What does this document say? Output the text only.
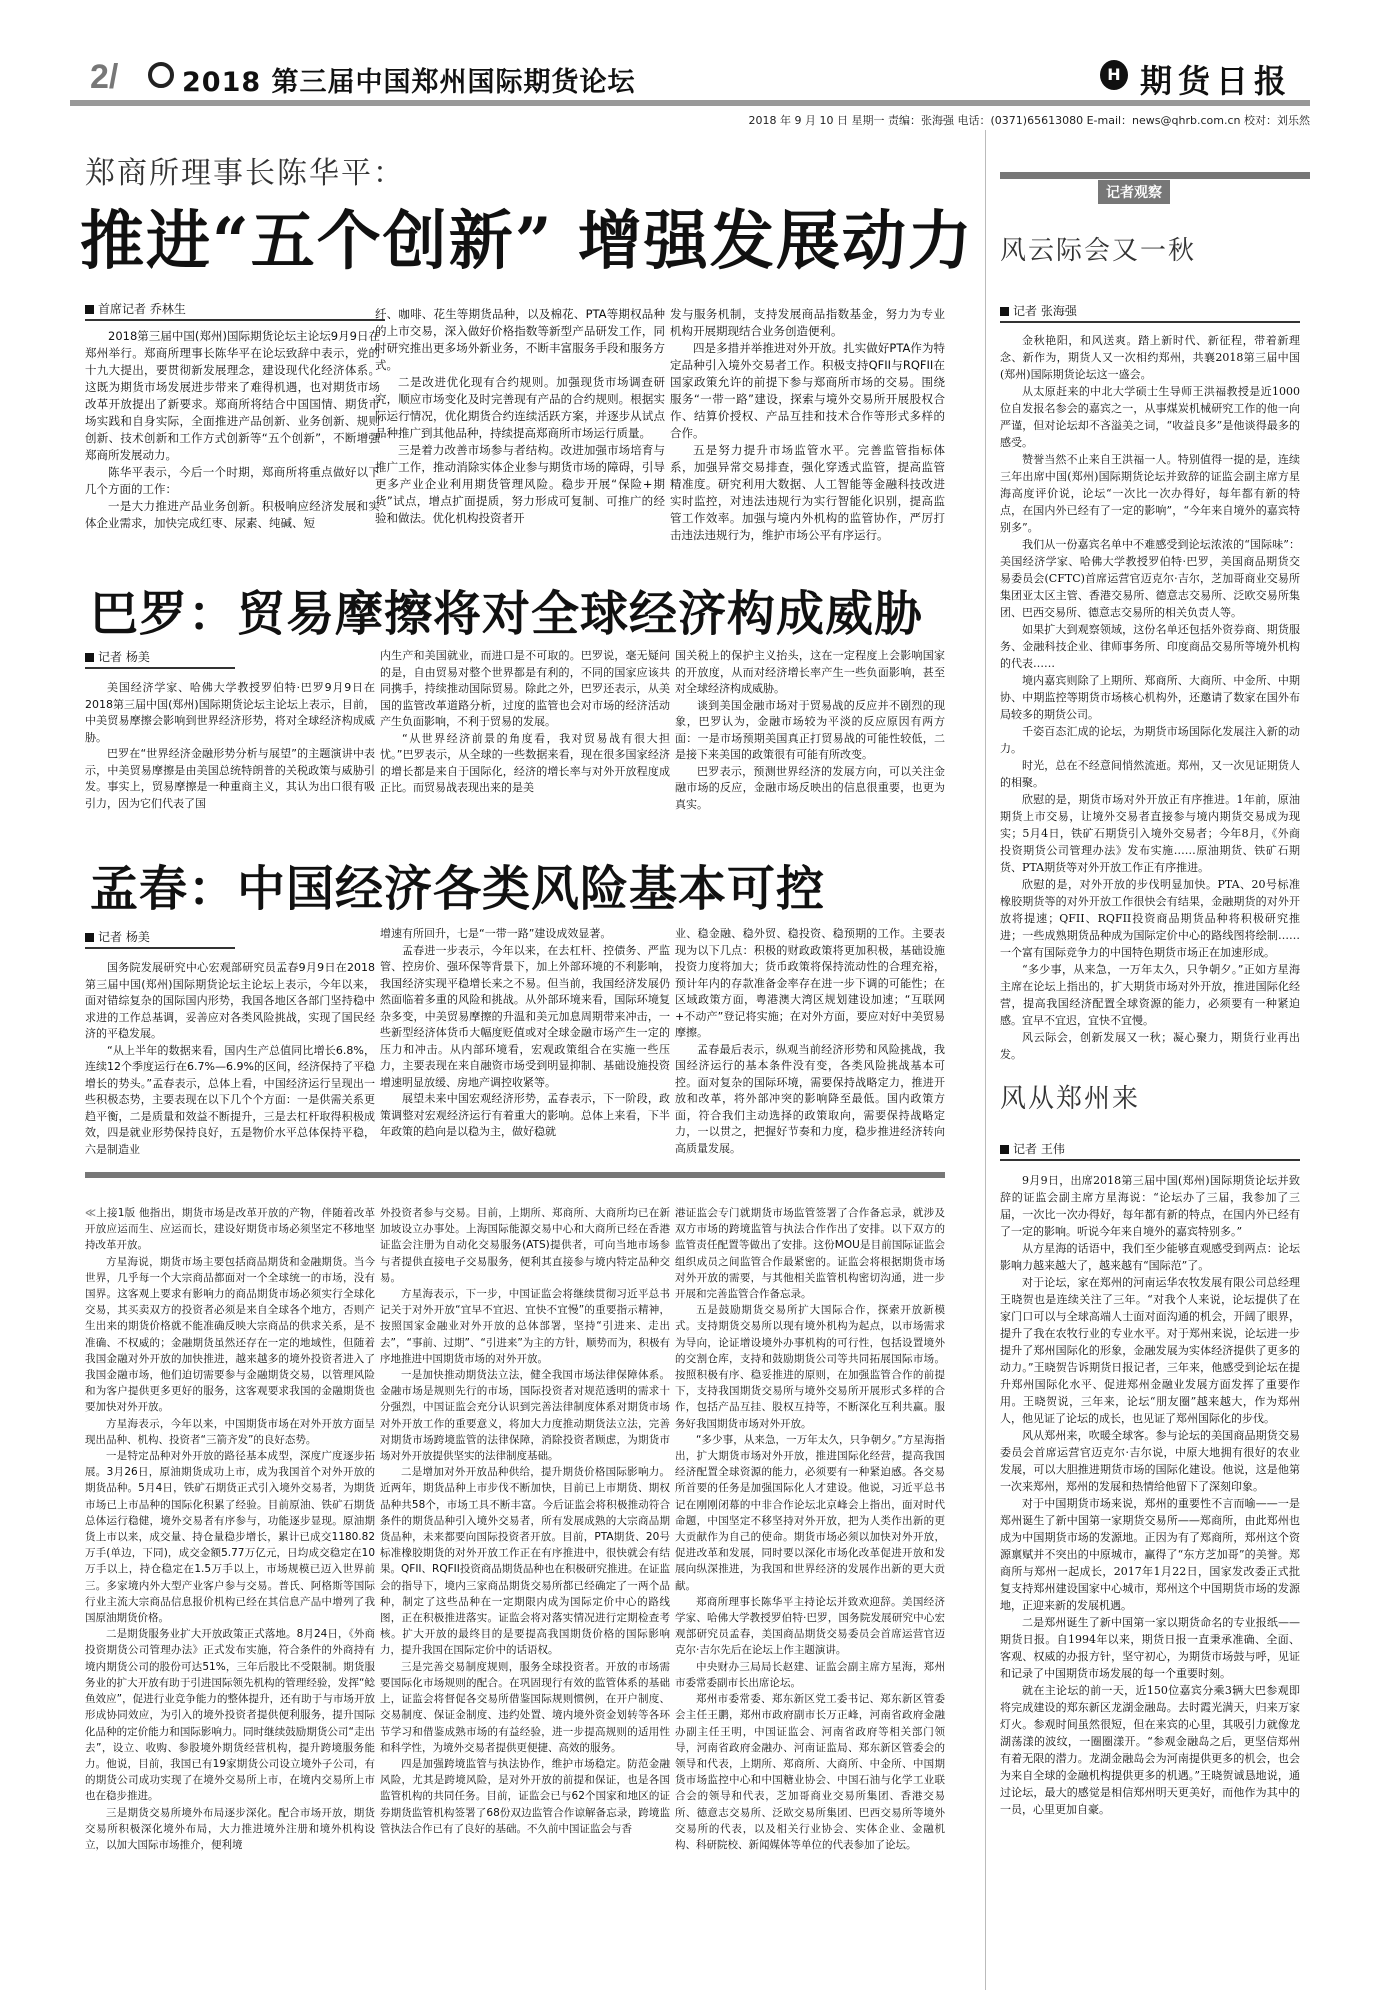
2/ 2018 第三届中国郑州国际期货论坛	H 期货日报
2018 年 9 月 10 日 星期一 责编：张海强 电话：(0371)65613080 E-mail：news@qhrb.com.cn 校对：刘乐然
郑商所理事长陈华平：
推进“五个创新” 增强发展动力
首席记者 乔林生

2018第三届中国(郑州)国际期货论坛主论坛9月9日在郑州举行。郑商所理事长陈华平在论坛致辞中表示，党的十九大提出，要贯彻新发展理念，建设现代化经济体系。这既为期货市场发展进步带来了难得机遇，也对期货市场改革开放提出了新要求。郑商所将结合中国国情、期货市场实践和自身实际，全面推进产品创新、业务创新、规则创新、技术创新和工作方式创新等“五个创新”，不断增强郑商所发展动力。

陈华平表示，今后一个时期，郑商所将重点做好以下几个方面的工作：

一是大力推进产品业务创新。积极响应经济发展和实体企业需求，加快完成红枣、尿素、纯碱、短

纤、咖啡、花生等期货品种，以及棉花、PTA等期权品种的上市交易，深入做好价格指数等新型产品研发工作，同时研究推出更多场外新业务，不断丰富服务手段和服务方式。

二是改进优化现有合约规则。加强现货市场调查研究，顺应市场变化及时完善现有产品的合约规则。根据实际运行情况，优化期货合约连续活跃方案，并逐步从试点品种推广到其他品种，持续提高郑商所市场运行质量。

三是着力改善市场参与者结构。改进加强市场培育与推广工作，推动消除实体企业参与期货市场的障碍，引导更多产业企业利用期货管理风险。稳步开展“保险+期货”试点，增点扩面提质，努力形成可复制、可推广的经验和做法。优化机构投资者开

发与服务机制，支持发展商品指数基金，努力为专业机构开展期现结合业务创造便利。

四是多措并举推进对外开放。扎实做好PTA作为特定品种引入境外交易者工作。积极支持QFII与RQFII在国家政策允许的前提下参与郑商所市场的交易。围绕服务“一带一路”建设，探索与境外交易所开展股权合作、结算价授权、产品互挂和技术合作等形式多样的合作。

五是努力提升市场监管水平。完善监管指标体系，加强异常交易排查，强化穿透式监管，提高监管精准度。研究利用大数据、人工智能等金融科技改进实时监控，对违法违规行为实行智能化识别，提高监管工作效率。加强与境内外机构的监管协作，严厉打击违法违规行为，维护市场公平有序运行。

巴罗：贸易摩擦将对全球经济构成威胁
记者 杨美

美国经济学家、哈佛大学教授罗伯特·巴罗9月9日在2018第三届中国(郑州)国际期货论坛主论坛上表示，目前，中美贸易摩擦会影响到世界经济形势，将对全球经济构成威胁。

巴罗在“世界经济金融形势分析与展望”的主题演讲中表示，中美贸易摩擦是由美国总统特朗普的关税政策与威胁引发。事实上，贸易摩擦是一种重商主义，其认为出口很有吸引力，因为它们代表了国

内生产和美国就业，而进口是不可取的。巴罗说，毫无疑问的是，自由贸易对整个世界都是有利的，不同的国家应该共同携手，持续推动国际贸易。除此之外，巴罗还表示，从美国的监管改革道路分析，过度的监管也会对市场的经济活动产生负面影响，不利于贸易的发展。

“从世界经济前景的角度看，我对贸易战有很大担忧。”巴罗表示，从全球的一些数据来看，现在很多国家经济的增长都是来自于国际化，经济的增长率与对外开放程度成正比。而贸易战表现出来的是美

国关税上的保护主义抬头，这在一定程度上会影响国家的开放度，从而对经济增长率产生一些负面影响，甚至对全球经济构成威胁。

谈到美国金融市场对于贸易战的反应并不剧烈的现象，巴罗认为，金融市场较为平淡的反应原因有两方面：一是市场预期美国真正打贸易战的可能性较低，二是接下来美国的政策很有可能有所改变。

巴罗表示，预测世界经济的发展方向，可以关注金融市场的反应，金融市场反映出的信息很重要，也更为真实。

孟春：中国经济各类风险基本可控
记者 杨美

国务院发展研究中心宏观部研究员孟春9月9日在2018第三届中国(郑州)国际期货论坛主论坛上表示，今年以来，面对错综复杂的国际国内形势，我国各地区各部门坚持稳中求进的工作总基调，妥善应对各类风险挑战，实现了国民经济的平稳发展。

“从上半年的数据来看，国内生产总值同比增长6.8%，连续12个季度运行在6.7%—6.9%的区间，经济保持了平稳增长的势头。”孟春表示，总体上看，中国经济运行呈现出一些积极态势，主要表现在以下几个个方面：一是供需关系更趋平衡，二是质量和效益不断提升，三是去杠杆取得积极成效，四是就业形势保持良好，五是物价水平总体保持平稳，六是制造业

增速有所回升，七是“一带一路”建设成效显著。

孟春进一步表示，今年以来，在去杠杆、控债务、严监管、控房价、强环保等背景下，加上外部环境的不利影响，我国经济实现平稳增长来之不易。但当前，我国经济发展仍然面临着多重的风险和挑战。从外部环境来看，国际环境复杂多变，中美贸易摩擦的升温和美元加息周期带来冲击，一些新型经济体货币大幅度贬值或对全球金融市场产生一定的压力和冲击。从内部环境看，宏观政策组合在实施一些压力，主要表现在来自融资市场受到明显抑制、基础设施投资增速明显放缓、房地产调控收紧等。

展望未来中国宏观经济形势，孟春表示，下一阶段，政策调整对宏观经济运行有着重大的影响。总体上来看，下半年政策的趋向是以稳为主，做好稳就

业、稳金融、稳外贸、稳投资、稳预期的工作。主要表现为以下几点：积极的财政政策将更加积极，基础设施投资力度将加大；货币政策将保持流动性的合理充裕，预计年内的存款准备金率存在进一步下调的可能性；在区域政策方面，粤港澳大湾区规划建设加速；“互联网+不动产”登记将实施；在对外方面，要应对好中美贸易摩擦。

孟春最后表示，纵观当前经济形势和风险挑战，我国经济运行的基本条件没有变，各类风险挑战基本可控。面对复杂的国际环境，需要保持战略定力，推进开放和改革，将外部冲突的影响降至最低。国内政策方面，符合我们主动选择的政策取向，需要保持战略定力，一以贯之，把握好节奏和力度，稳步推进经济转向高质量发展。

≪上接1版 他指出，期货市场是改革开放的产物，伴随着改革开放应运而生、应运而长，建设好期货市场必须坚定不移地坚持改革开放。

方星海说，期货市场主要包括商品期货和金融期货。当今世界，几乎每一个大宗商品都面对一个全球统一的市场，没有国界。这客观上要求有影响力的商品期货市场必须实行全球化交易，其买卖双方的投资者必须是来自全球各个地方，否则产生出来的期货价格就不能准确反映大宗商品的供求关系，是不准确、不权威的；金融期货虽然还存在一定的地域性，但随着我国金融对外开放的加快推进，越来越多的境外投资者进入了我国金融市场，他们迫切需要参与金融期货交易，以管理风险和为客户提供更多更好的服务，这客观要求我国的金融期货也要加快对外开放。

方星海表示，今年以来，中国期货市场在对外开放方面呈现出品种、机构、投资者“三箭齐发”的良好态势。

一是特定品种对外开放的路径基本成型，深度广度逐步拓展。3月26日，原油期货成功上市，成为我国首个对外开放的期货品种。5月4日，铁矿石期货正式引入境外交易者，为期货市场已上市品种的国际化积累了经验。目前原油、铁矿石期货总体运行稳健，境外交易者有序参与，功能逐步显现。原油期货上市以来，成交量、持仓量稳步增长，累计已成交1180.82万手(单边，下同)，成交金额5.77万亿元，日均成交稳定在10万手以上，持仓稳定在1.5万手以上，市场规模已迈入世界前三。多家境内外大型产业客户参与交易。普氏、阿格斯等国际行业主流大宗商品信息报价机构已经在其信息产品中增列了我国原油期货价格。

二是期货服务业扩大开放政策正式落地。8月24日，《外商投资期货公司管理办法》正式发布实施，符合条件的外商持有境内期货公司的股份可达51%，三年后股比不受限制。期货服务业的扩大开放有助于引进国际领先机构的管理经验，发挥“鲶鱼效应”，促进行业竞争能力的整体提升，还有助于与市场开放形成协同效应，为引入的境外投资者提供便利服务，提升国际化品种的定价能力和国际影响力。同时继续鼓励期货公司“走出去”，设立、收购、参股境外期货经营机构，提升跨境服务能力。他说，目前，我国已有19家期货公司设立境外子公司，有的期货公司成功实现了在境外交易所上市，在境内交易所上市也在稳步推进。

三是期货交易所境外布局逐步深化。配合市场开放，期货交易所积极深化境外布局，大力推进境外注册和境外机构设立，以加大国际市场推介，便利境

外投资者参与交易。目前，上期所、郑商所、大商所均已在新加坡设立办事处。上海国际能源交易中心和大商所已经在香港证监会注册为自动化交易服务(ATS)提供者，可向当地市场参与者提供直接电子交易服务，便利其直接参与境内特定品种交易。

方星海表示，下一步，中国证监会将继续贯彻习近平总书记关于对外开放“宜早不宜迟、宜快不宜慢”的重要指示精神，按照国家金融业对外开放的总体部署，坚持“引进来、走出去”，“事前、过期”、“引进来”为主的方针，顺势而为，积极有序地推进中国期货市场的对外开放。

一是加快推动期货法立法，健全我国市场法律保障体系。金融市场是规则先行的市场，国际投资者对规范透明的需求十分强烈，中国证监会充分认识到完善法律制度体系对期货市场对外开放工作的重要意义，将加大力度推动期货法立法，完善对期货市场跨境监管的法律保障，消除投资者顾虑，为期货市场对外开放提供坚实的法律制度基础。

二是增加对外开放品种供给，提升期货价格国际影响力。近两年，期货品种上市步伐不断加快，目前已上市期货、期权品种共58个，市场工具不断丰富。今后证监会将积极推动符合条件的期货品种引入境外交易者，所有发展成熟的大宗商品期货品种，未来都要向国际投资者开放。目前，PTA期货、20号标准橡胶期货的对外开放工作正在有序推进中，很快就会有结果。QFII、RQFII投资商品期货品种也在积极研究推进。在证监会的指导下，境内三家商品期货交易所都已经确定了一两个品种，制定了这些品种在一定期限内成为国际定价中心的路线图，正在积极推进落实。证监会将对落实情况进行定期检查考核。扩大开放的最终目的是要提高我国期货价格的国际影响力，提升我国在国际定价中的话语权。

三是完善交易制度规则，服务全球投资者。开放的市场需要国际化市场规则的配合。在巩固现行有效的监管体系的基础上，证监会将督促各交易所借鉴国际规则惯例，在开户制度、交易制度、保证金制度、违约处置、境内境外资金划转等各环节学习和借鉴成熟市场的有益经验，进一步提高规则的适用性和科学性，为境外交易者提供更便捷、高效的服务。

四是加强跨境监管与执法协作，维护市场稳定。防范金融风险，尤其是跨境风险，是对外开放的前提和保证，也是各国监管机构的共同任务。目前，证监会已与62个国家和地区的证券期货监管机构签署了68份双边监管合作谅解备忘录，跨境监管执法合作已有了良好的基础。不久前中国证监会与香

港证监会专门就期货市场监管签署了合作备忘录，就涉及双方市场的跨境监管与执法合作作出了安排。以下双方的监管责任配置等做出了安排。这份MOU是目前国际证监会组织成员之间监管合作最紧密的。证监会将根据期货市场对外开放的需要，与其他相关监管机构密切沟通，进一步开展和完善监管合作备忘录。

五是鼓励期货交易所扩大国际合作，探索开放新模式。支持期货交易所以现有境外机构为起点，以市场需求为导向，论证增设境外办事机构的可行性，包括设置境外的交割仓库，支持和鼓励期货公司等共同拓展国际市场。按照积极有序、稳妥推进的原则，在加强监管合作的前提下，支持我国期货交易所与境外交易所开展形式多样的合作，包括产品互挂、股权互持等，不断深化互利共赢。服务好我国期货市场对外开放。

“多少事，从来急，一万年太久，只争朝夕。”方星海指出，扩大期货市场对外开放，推进国际化经营，提高我国经济配置全球资源的能力，必须要有一种紧迫感。各交易所首要的任务是加强国际化人才建设。他说，习近平总书记在刚刚闭幕的中非合作论坛北京峰会上指出，面对时代命题，中国坚定不移坚持对外开放，把为人类作出新的更大贡献作为自己的使命。期货市场必须以加快对外开放，促进改革和发展，同时要以深化市场化改革促进开放和发展向纵深推进，为我国和世界经济的发展作出新的更大贡献。

郑商所理事长陈华平主持论坛并致欢迎辞。美国经济学家、哈佛大学教授罗伯特·巴罗，国务院发展研究中心宏观部研究员孟春，美国商品期货交易委员会首席运营官迈克尔·吉尔先后在论坛上作主题演讲。

中央财办三局局长赵建、证监会副主席方星海，郑州市委常委副市长出席论坛。

郑州市委常委、郑东新区党工委书记、郑东新区管委会主任王鹏，郑州市政府副市长万正峰，河南省政府金融办副主任王明，中国证监会、河南省政府等相关部门领导，河南省政府金融办、河南证监局、郑东新区管委会的领导和代表，上期所、郑商所、大商所、中金所、中国期货市场监控中心和中国糖业协会、中国石油与化学工业联合会的领导和代表，芝加哥商业交易所集团、香港交易所、德意志交易所、泛欧交易所集团、巴西交易所等境外交易所的代表，以及相关行业协会、实体企业、金融机构、科研院校、新闻媒体等单位的代表参加了论坛。

记者观察
风云际会又一秋
记者 张海强

金秋艳阳，和风送爽。踏上新时代、新征程，带着新理念、新作为，期货人又一次相约郑州，共襄2018第三届中国(郑州)国际期货论坛这一盛会。

从太原赶来的中北大学硕士生导师王洪福教授是近1000位自发报名参会的嘉宾之一，从事煤炭机械研究工作的他一向严谨，但对论坛却不吝溢美之词，“收益良多”是他谈得最多的感受。

赞誉当然不止来自王洪福一人。特别值得一提的是，连续三年出席中国(郑州)国际期货论坛并致辞的证监会副主席方星海高度评价说，论坛“一次比一次办得好，每年都有新的特点，在国内外已经有了一定的影响”，“今年来自境外的嘉宾特别多”。

我们从一份嘉宾名单中不难感受到论坛浓浓的“国际味”：美国经济学家、哈佛大学教授罗伯特·巴罗，美国商品期货交易委员会(CFTC)首席运营官迈克尔·吉尔，芝加哥商业交易所集团亚太区主管、香港交易所、德意志交易所、泛欧交易所集团、巴西交易所、德意志交易所的相关负责人等。

如果扩大到观察领域，这份名单还包括外资券商、期货服务、金融科技企业、律师事务所、印度商品交易所等境外机构的代表……

境内嘉宾则除了上期所、郑商所、大商所、中金所、中期协、中期监控等期货市场核心机构外，还邀请了数家在国外布局较多的期货公司。

千姿百态汇成的论坛，为期货市场国际化发展注入新的动力。

时光，总在不经意间悄然流逝。郑州，又一次见证期货人的相聚。

欣慰的是，期货市场对外开放正有序推进。1年前，原油期货上市交易，让境外交易者直接参与境内期货交易成为现实；5月4日，铁矿石期货引入境外交易者；今年8月，《外商投资期货公司管理办法》发布实施……原油期货、铁矿石期货、PTA期货等对外开放工作正有序推进。

欣慰的是，对外开放的步伐明显加快。PTA、20号标准橡胶期货等的对外开放工作很快会有结果，金融期货的对外开放将提速；QFII、RQFII投资商品期货品种将积极研究推进；一些成熟期货品种成为国际定价中心的路线图将绘制……一个富有国际竞争力的中国特色期货市场正在加速形成。

“多少事，从来急，一万年太久，只争朝夕。”正如方星海主席在论坛上指出的，扩大期货市场对外开放，推进国际化经营，提高我国经济配置全球资源的能力，必须要有一种紧迫感。宜早不宜迟，宜快不宜慢。

风云际会，创新发展又一秋；凝心聚力，期货行业再出发。

风从郑州来
记者 王伟

9月9日，出席2018第三届中国(郑州)国际期货论坛并致辞的证监会副主席方星海说：“论坛办了三届，我参加了三届，一次比一次办得好，每年都有新的特点，在国内外已经有了一定的影响。听说今年来自境外的嘉宾特别多。”

从方星海的话语中，我们至少能够直观感受到两点：论坛影响力越来越大了，越来越有“国际范”了。

对于论坛，家在郑州的河南运华农牧发展有限公司总经理王晓贺也是连续关注了三年。“对我个人来说，论坛提供了在家门口可以与全球高端人士面对面沟通的机会，开阔了眼界，提升了我在农牧行业的专业水平。对于郑州来说，论坛进一步提升了郑州国际化的形象，金融发展为实体经济提供了更多的动力。”王晓贺告诉期货日报记者，三年来，他感受到论坛在提升郑州国际化水平、促进郑州金融业发展方面发挥了重要作用。王晓贺说，三年来，论坛“朋友圈”越来越大，作为郑州人，他见证了论坛的成长，也见证了郑州国际化的步伐。

风从郑州来，吹暖全球客。参与论坛的美国商品期货交易委员会首席运营官迈克尔·吉尔说，中原大地拥有很好的农业发展，可以大胆推进期货市场的国际化建设。他说，这是他第一次来郑州，郑州的发展和热情给他留下了深刻印象。

对于中国期货市场来说，郑州的重要性不言而喻——一是郑州诞生了新中国第一家期货交易所——郑商所，由此郑州也成为中国期货市场的发源地。正因为有了郑商所，郑州这个资源禀赋并不突出的中原城市，赢得了“东方芝加哥”的美誉。郑商所与郑州一起成长，2017年1月22日，国家发改委正式批复支持郑州建设国家中心城市，郑州这个中国期货市场的发源地，正迎来新的发展机遇。

二是郑州诞生了新中国第一家以期货命名的专业报纸——期货日报。自1994年以来，期货日报一直秉承准确、全面、客观、权威的办报方针，坚守初心，为期货市场鼓与呼，见证和记录了中国期货市场发展的每一个重要时刻。

就在主论坛的前一天，近150位嘉宾分乘3辆大巴参观即将完成建设的郑东新区龙湖金融岛。去时霞光满天，归来万家灯火。参观时间虽然很短，但在来宾的心里，其吸引力就像龙湖荡漾的波纹，一圈圈漾开。“参观金融岛之后，更坚信郑州有着无限的潜力。龙湖金融岛会为河南提供更多的机会，也会为来自全球的金融机构提供更多的机遇。”王晓贺诚恳地说，通过论坛，最大的感觉是相信郑州明天更美好，而他作为其中的一员，心里更加自豪。
